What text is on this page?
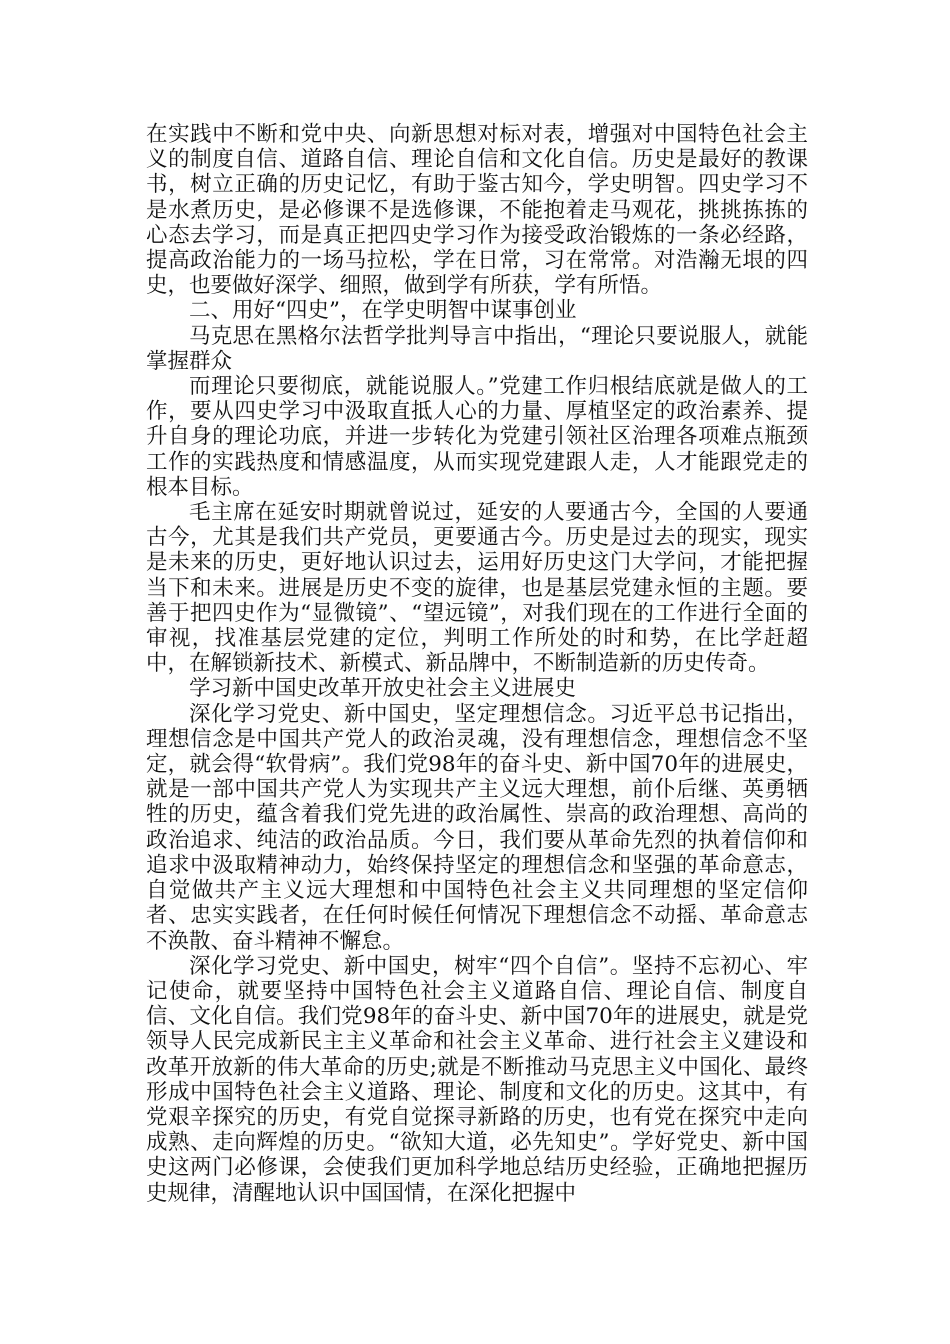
在实践中不断和党中央、向新思想对标对表，增强对中国特色社会主义的制度自信、道路自信、理论自信和文化自信。历史是最好的教课书，树立正确的历史记忆，有助于鉴古知今，学史明智。四史学习不是水煮历史，是必修课不是选修课，不能抱着走马观花，挑挑拣拣的心态去学习，而是真正把四史学习作为接受政治锻炼的一条必经路，提高政治能力的一场马拉松，学在日常，习在常常。对浩瀚无垠的四史，也要做好深学、细照，做到学有所获，学有所悟。

二、用好“四史”，在学史明智中谋事创业

马克思在黑格尔法哲学批判导言中指出，“理论只要说服人，就能掌握群众

而理论只要彻底，就能说服人。”党建工作归根结底就是做人的工作，要从四史学习中汲取直抵人心的力量、厚植坚定的政治素养、提升自身的理论功底，并进一步转化为党建引领社区治理各项难点瓶颈工作的实践热度和情感温度，从而实现党建跟人走，人才能跟党走的根本目标。

毛主席在延安时期就曾说过，延安的人要通古今，全国的人要通古今，尤其是我们共产党员，更要通古今。历史是过去的现实，现实是未来的历史，更好地认识过去，运用好历史这门大学问，才能把握当下和未来。进展是历史不变的旋律，也是基层党建永恒的主题。要善于把四史作为“显微镜”、“望远镜”，对我们现在的工作进行全面的审视，找准基层党建的定位，判明工作所处的时和势，在比学赶超中，在解锁新技术、新模式、新品牌中，不断制造新的历史传奇。

学习新中国史改革开放史社会主义进展史

深化学习党史、新中国史，坚定理想信念。习近平总书记指出，理想信念是中国共产党人的政治灵魂，没有理想信念，理想信念不坚定，就会得“软骨病”。我们党98年的奋斗史、新中国70年的进展史，就是一部中国共产党人为实现共产主义远大理想，前仆后继、英勇牺牲的历史，蕴含着我们党先进的政治属性、崇高的政治理想、高尚的政治追求、纯洁的政治品质。今日，我们要从革命先烈的执着信仰和追求中汲取精神动力，始终保持坚定的理想信念和坚强的革命意志，自觉做共产主义远大理想和中国特色社会主义共同理想的坚定信仰者、忠实实践者，在任何时候任何情况下理想信念不动摇、革命意志不涣散、奋斗精神不懈怠。

深化学习党史、新中国史，树牢“四个自信”。坚持不忘初心、牢记使命，就要坚持中国特色社会主义道路自信、理论自信、制度自信、文化自信。我们党98年的奋斗史、新中国70年的进展史，就是党领导人民完成新民主主义革命和社会主义革命、进行社会主义建设和改革开放新的伟大革命的历史;就是不断推动马克思主义中国化、最终形成中国特色社会主义道路、理论、制度和文化的历史。这其中，有党艰辛探究的历史，有党自觉探寻新路的历史，也有党在探究中走向成熟、走向辉煌的历史。“欲知大道，必先知史”。学好党史、新中国史这两门必修课，会使我们更加科学地总结历史经验，正确地把握历史规律，清醒地认识中国国情，在深化把握中
